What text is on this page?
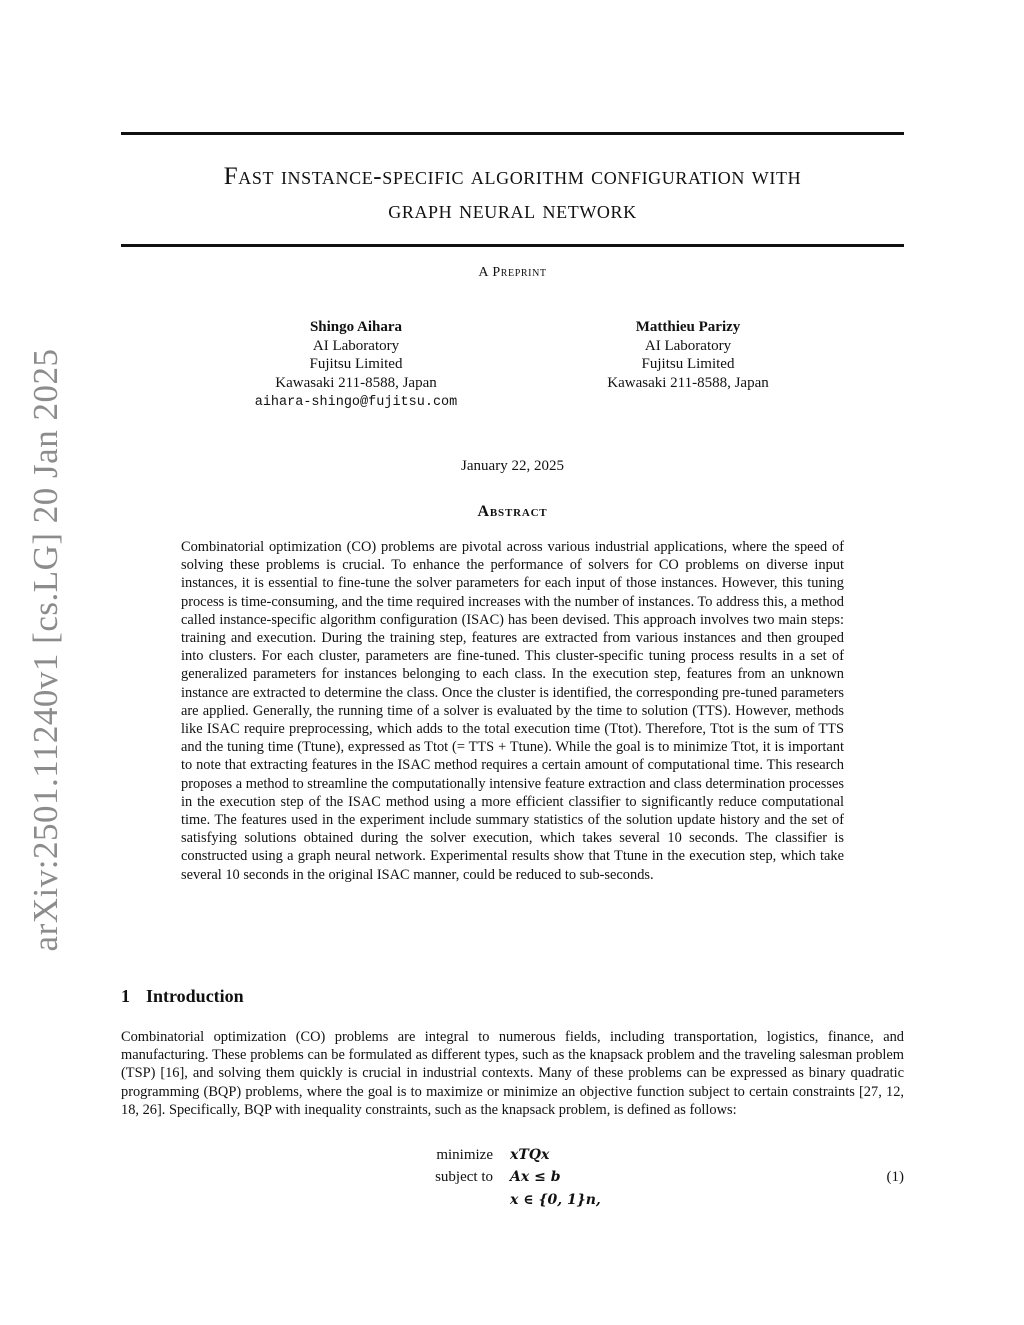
arXiv:2501.11240v1 [cs.LG] 20 Jan 2025
Fast instance-specific algorithm configuration with
graph neural network
A Preprint
Shingo Aihara
AI Laboratory
Fujitsu Limited
Kawasaki 211-8588, Japan
aihara-shingo@fujitsu.com
Matthieu Parizy
AI Laboratory
Fujitsu Limited
Kawasaki 211-8588, Japan
January 22, 2025
Abstract
Combinatorial optimization (CO) problems are pivotal across various industrial applications, where the speed of solving these problems is crucial. To enhance the performance of solvers for CO problems on diverse input instances, it is essential to fine-tune the solver parameters for each input of those instances. However, this tuning process is time-consuming, and the time required increases with the number of instances. To address this, a method called instance-specific algorithm configuration (ISAC) has been devised. This approach involves two main steps: training and execution. During the training step, features are extracted from various instances and then grouped into clusters. For each cluster, parameters are fine-tuned. This cluster-specific tuning process results in a set of generalized parameters for instances belonging to each class. In the execution step, features from an unknown instance are extracted to determine the class. Once the cluster is identified, the corresponding pre-tuned parameters are applied. Generally, the running time of a solver is evaluated by the time to solution (TTS). However, methods like ISAC require preprocessing, which adds to the total execution time (Ttot). Therefore, Ttot is the sum of TTS and the tuning time (Ttune), expressed as Ttot (= TTS + Ttune). While the goal is to minimize Ttot, it is important to note that extracting features in the ISAC method requires a certain amount of computational time. This research proposes a method to streamline the computationally intensive feature extraction and class determination processes in the execution step of the ISAC method using a more efficient classifier to significantly reduce computational time. The features used in the experiment include summary statistics of the solution update history and the set of satisfying solutions obtained during the solver execution, which takes several 10 seconds. The classifier is constructed using a graph neural network. Experimental results show that Ttune in the execution step, which take several 10 seconds in the original ISAC manner, could be reduced to sub-seconds.
1 Introduction
Combinatorial optimization (CO) problems are integral to numerous fields, including transportation, logistics, finance, and manufacturing. These problems can be formulated as different types, such as the knapsack problem and the traveling salesman problem (TSP) [16], and solving them quickly is crucial in industrial contexts. Many of these problems can be expressed as binary quadratic programming (BQP) problems, where the goal is to maximize or minimize an objective function subject to certain constraints [27, 12, 18, 26]. Specifically, BQP with inequality constraints, such as the knapsack problem, is defined as follows:
minimize xTQx
subject to Ax ≤ b
x ∈ {0, 1}n,
(1)
